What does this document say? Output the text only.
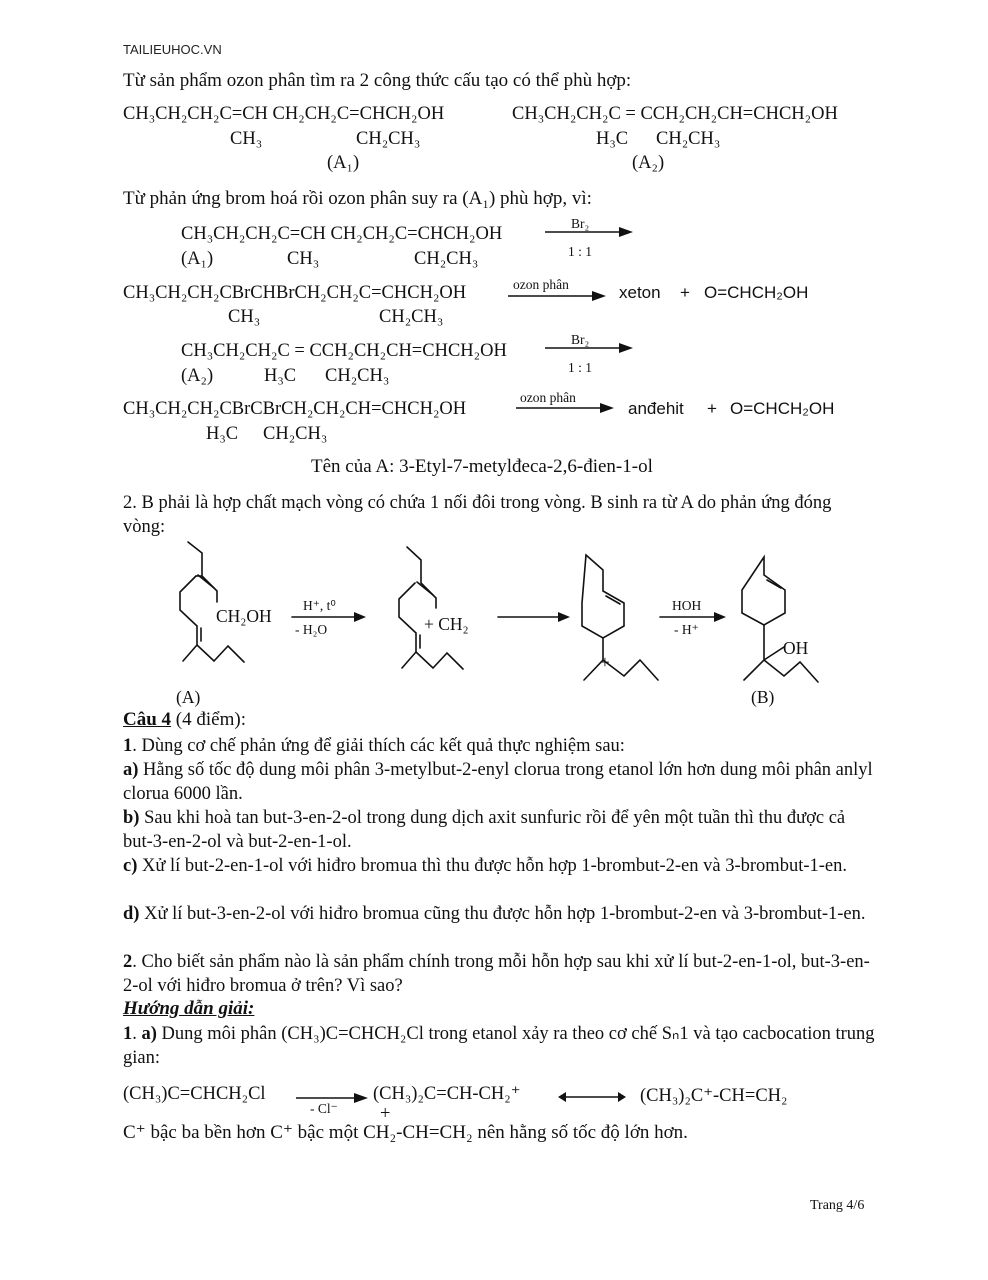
TAILIEUHOC.VN
Từ sản phẩm ozon phân tìm ra 2 công thức cấu tạo có thể phù hợp:
CH₃CH₂CH₂C=CH CH₂CH₂C=CHCH₂OH
CH₃	CH₂CH₃
(A₁)
CH₃CH₂CH₂C = CCH₂CH₂CH=CHCH₂OH
H₃C CH₂CH₃
(A₂)
Từ phản ứng brom hoá rồi ozon phân suy ra (A₁) phù hợp, vì:
CH₃CH₂CH₂C=CH CH₂CH₂C=CHCH₂OH
(A₁)	CH₃	CH₂CH₃
Br₂
1 : 1
CH₃CH₂CH₂CBrCHBrCH₂CH₂C=CHCH₂OH
CH₃	CH₂CH₃
ozon phân	xeton + O=CHCH₂OH
CH₃CH₂CH₂C = CCH₂CH₂CH=CHCH₂OH
(A₂)	H₃C CH₂CH₃
Br₂
1 : 1
CH₃CH₂CH₂CBrCBrCH₂CH₂CH=CHCH₂OH
H₃C CH₂CH₃
ozon phân
anđehit + O=CHCH₂OH
Tên của A: 3-Etyl-7-metylđeca-2,6-đien-1-ol
2. B phải là hợp chất mạch vòng có chứa 1 nối đôi trong vòng. B sinh ra từ A do phản ứng đóng vòng:
CH₂OH
H⁺, t⁰
- H₂O	+ CH₂
+
HOH
- H⁺
OH
(A)	(B)
Câu 4 (4 điểm):
1. Dùng cơ chế phản ứng để giải thích các kết quả thực nghiệm sau:
a) Hằng số tốc độ dung môi phân 3-metylbut-2-enyl clorua trong etanol lớn hơn dung môi phân anlyl clorua 6000 lần.
b) Sau khi hoà tan but-3-en-2-ol trong dung dịch axit sunfuric rồi để yên một tuần thì thu được cả but-3-en-2-ol và but-2-en-1-ol.
c) Xử lí but-2-en-1-ol với hiđro bromua thì thu được hỗn hợp 1-brombut-2-en và 3-brombut-1-en.
d) Xử lí but-3-en-2-ol với hiđro bromua cũng thu được hỗn hợp 1-brombut-2-en và 3-brombut-1-en.
2. Cho biết sản phẩm nào là sản phẩm chính trong mỗi hỗn hợp sau khi xử lí but-2-en-1-ol, but-3-en-2-ol với hiđro bromua ở trên? Vì sao?
Hướng dẫn giải:
1. a) Dung môi phân (CH₃)C=CHCH₂Cl trong etanol xảy ra theo cơ chế Sₙ1 và tạo cacbocation trung gian:
(CH₃)C=CHCH₂Cl
- Cl⁻
(CH₃)₂C=CH-CH₂⁺
+
(CH₃)₂C⁺-CH=CH₂
C⁺ bậc ba bền hơn C⁺ bậc một CH₂-CH=CH₂ nên hằng số tốc độ lớn hơn.
Trang 4/6
